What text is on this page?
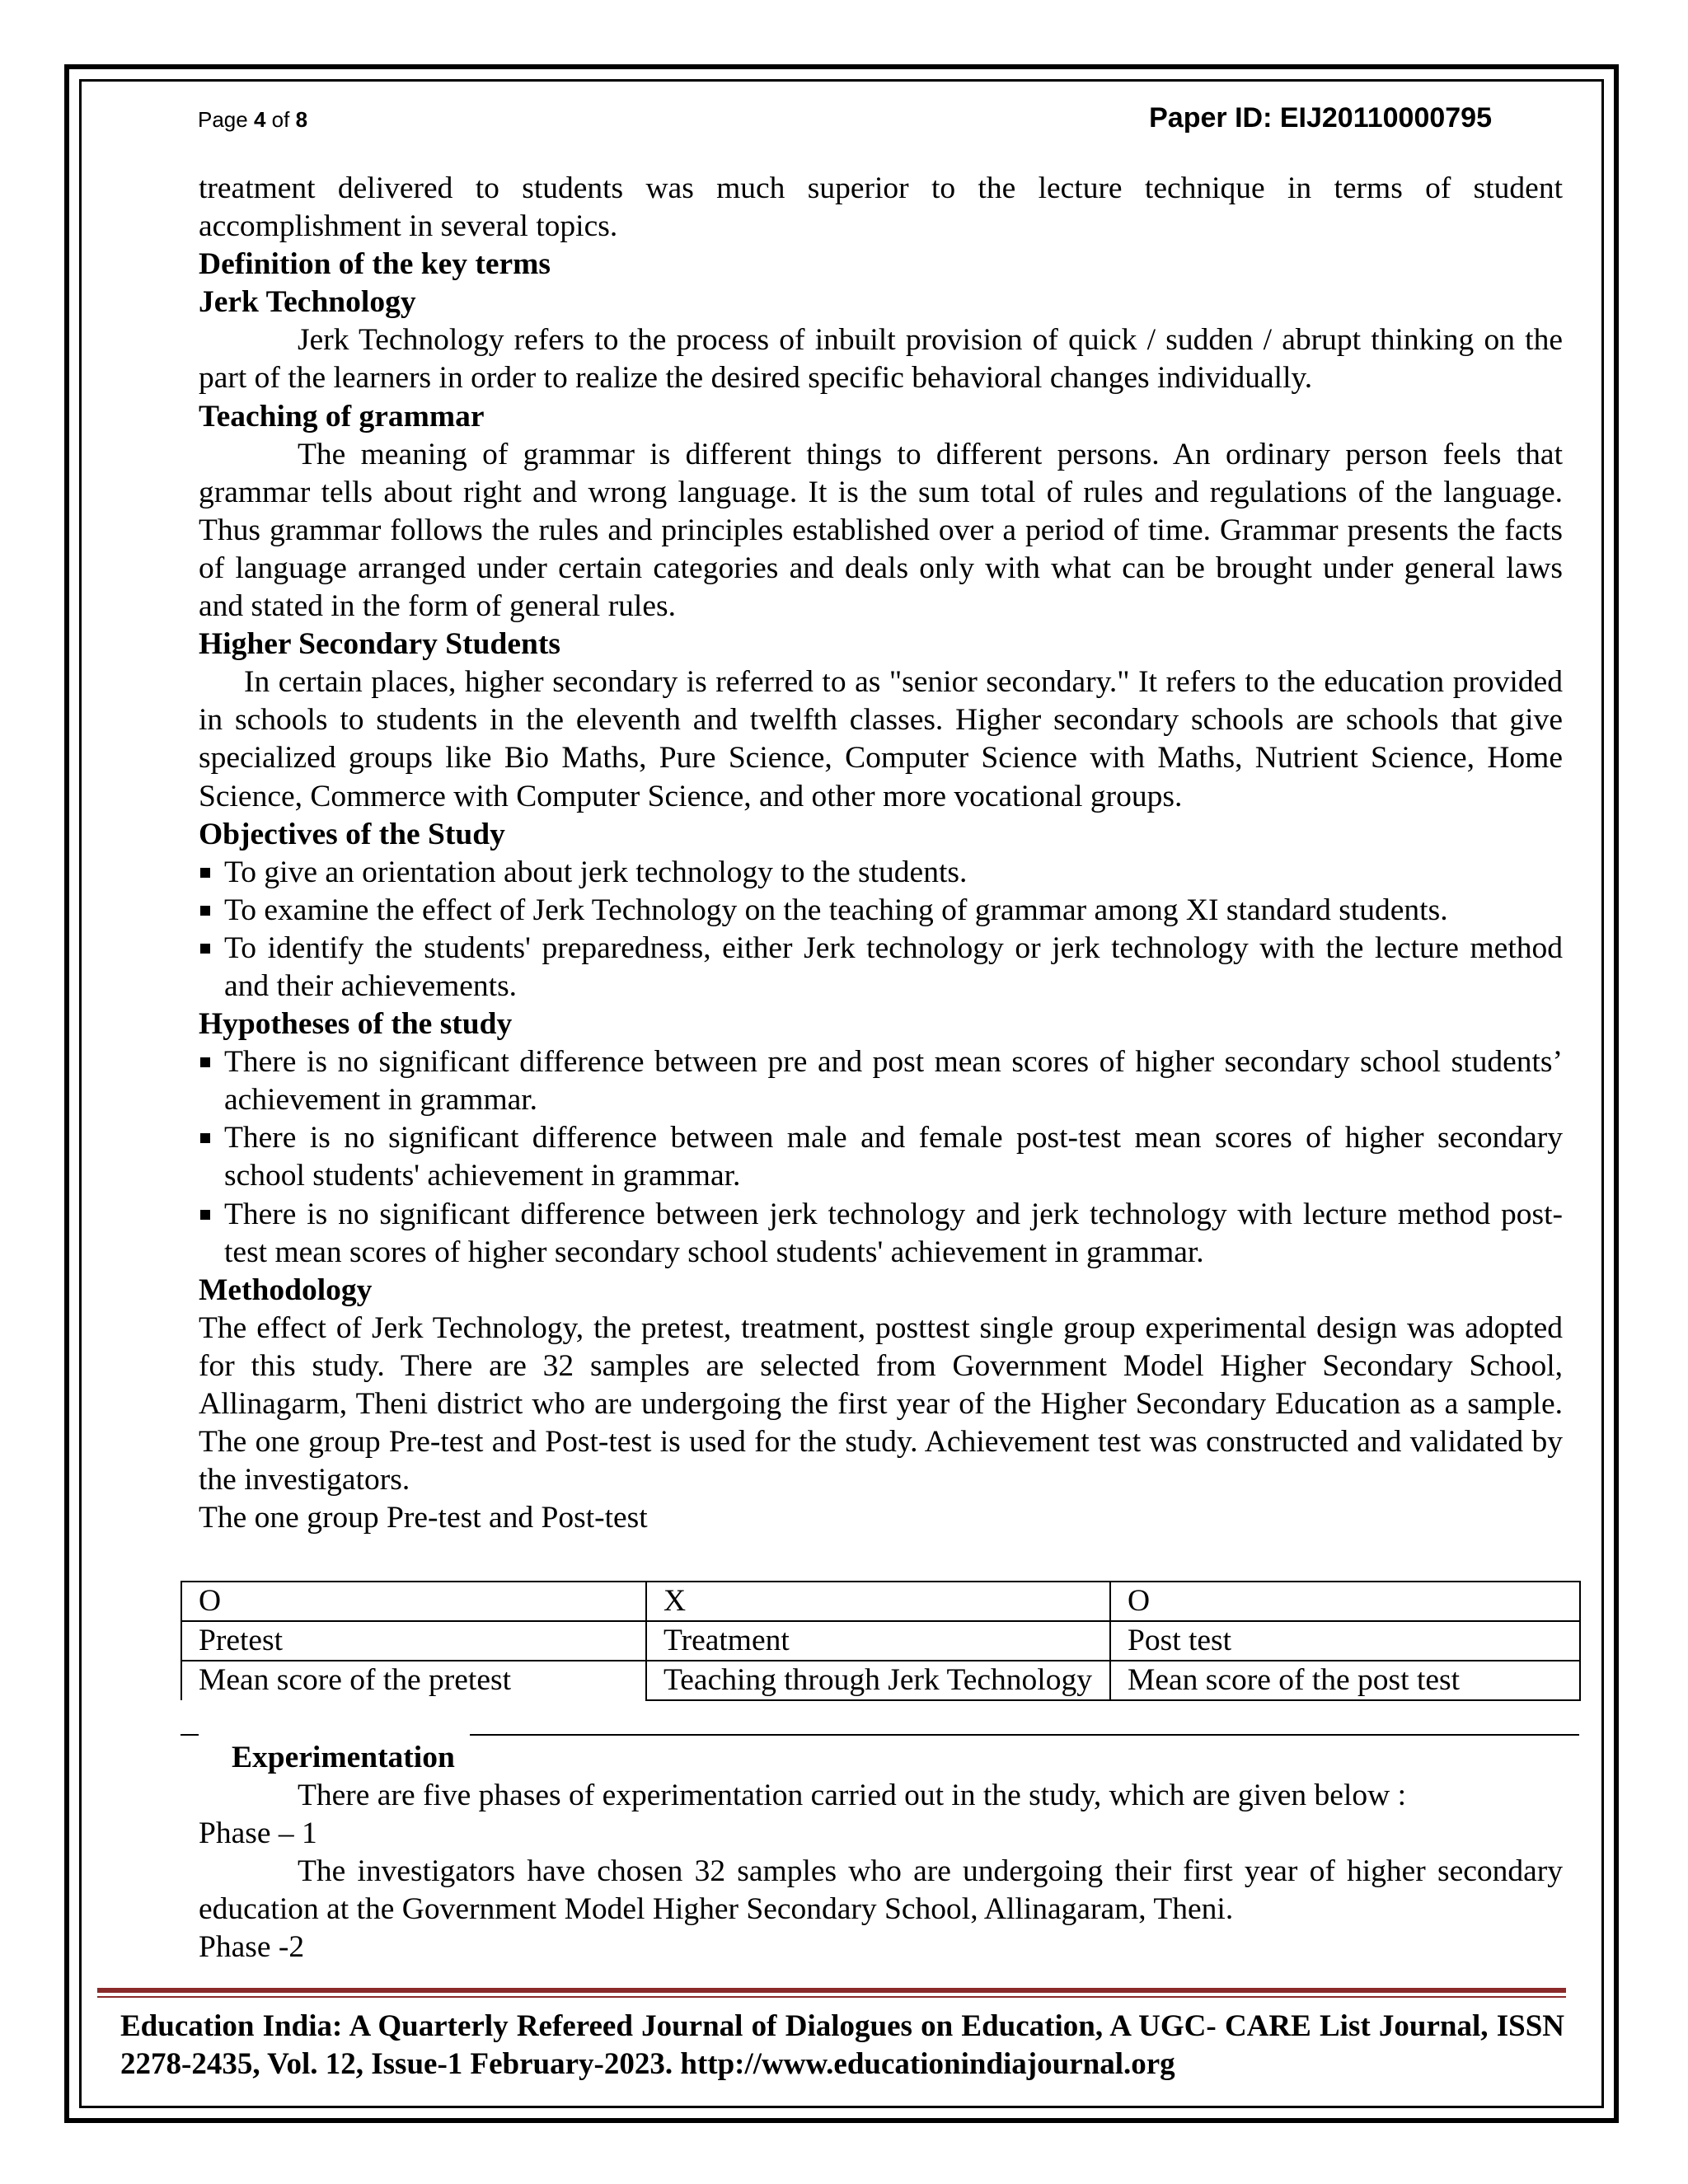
Page 4 of 8	Paper ID: EIJ20110000795

treatment delivered to students was much superior to the lecture technique in terms of student accomplishment in several topics.

Definition of the key terms

Jerk Technology

Jerk Technology refers to the process of inbuilt provision of quick / sudden / abrupt thinking on the part of the learners in order to realize the desired specific behavioral changes individually.

Teaching of grammar

The meaning of grammar is different things to different persons. An ordinary person feels that grammar tells about right and wrong language. It is the sum total of rules and regulations of the language. Thus grammar follows the rules and principles established over a period of time. Grammar presents the facts of language arranged under certain categories and deals only with what can be brought under general laws and stated in the form of general rules.

Higher Secondary Students

In certain places, higher secondary is referred to as "senior secondary." It refers to the education provided in schools to students in the eleventh and twelfth classes. Higher secondary schools are schools that give specialized groups like Bio Maths, Pure Science, Computer Science with Maths, Nutrient Science, Home Science, Commerce with Computer Science, and other more vocational groups.

Objectives of the Study

To give an orientation about jerk technology to the students.
To examine the effect of Jerk Technology on the teaching of grammar among XI standard students.
To identify the students' preparedness, either Jerk technology or jerk technology with the lecture method and their achievements.

Hypotheses of the study

There is no significant difference between pre and post mean scores of higher secondary school students’ achievement in grammar.
There is no significant difference between male and female post-test mean scores of higher secondary school students' achievement in grammar.
There is no significant difference between jerk technology and jerk technology with lecture method post-test mean scores of higher secondary school students' achievement in grammar.

Methodology

The effect of Jerk Technology, the pretest, treatment, posttest single group experimental design was adopted for this study. There are 32 samples are selected from Government Model Higher Secondary School, Allinagarm, Theni district who are undergoing the first year of the Higher Secondary Education as a sample. The one group Pre-test and Post-test is used for the study. Achievement test was constructed and validated by the investigators.

The one group Pre-test and Post-test

O	X	O
Pretest	Treatment	Post test
Mean score of the pretest	Teaching through Jerk Technology	Mean score of the post test
Experimentation

There are five phases of experimentation carried out in the study, which are given below :

Phase – 1

The investigators have chosen 32 samples who are undergoing their first year of higher secondary education at the Government Model Higher Secondary School, Allinagaram, Theni.

Phase -2

Education India: A Quarterly Refereed Journal of Dialogues on Education, A UGC- CARE List Journal, ISSN 2278-2435, Vol. 12, Issue-1 February-2023. http://www.educationindiajournal.org
